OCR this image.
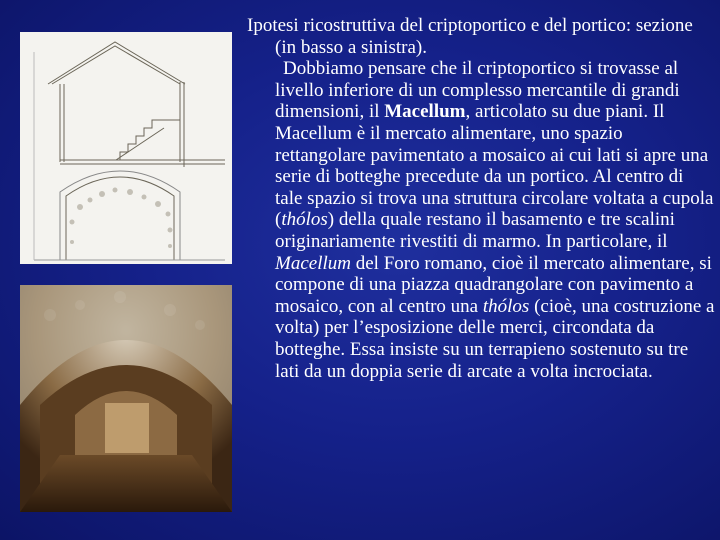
Ipotesi ricostruttiva del criptoportico e del portico: sezione (in basso a sinistra).

Dobbiamo pensare che il criptoportico si trovasse al livello inferiore di un complesso mercantile di grandi dimensioni, il Macellum, articolato su due piani. Il Macellum è il mercato alimentare, uno spazio rettangolare pavimentato a mosaico ai cui lati si apre una serie di botteghe precedute da un portico. Al centro di tale spazio si trova una struttura circolare voltata a cupola (thólos) della quale restano il basamento e tre scalini originariamente rivestiti di marmo. In particolare, il Macellum del Foro romano, cioè il mercato alimentare, si compone di una piazza quadrangolare con pavimento a mosaico, con al centro una thólos (cioè, una costruzione a volta) per l’esposizione delle merci, circondata da botteghe. Essa insiste su un terrapieno sostenuto su tre lati da un doppia serie di arcate a volta incrociata.
